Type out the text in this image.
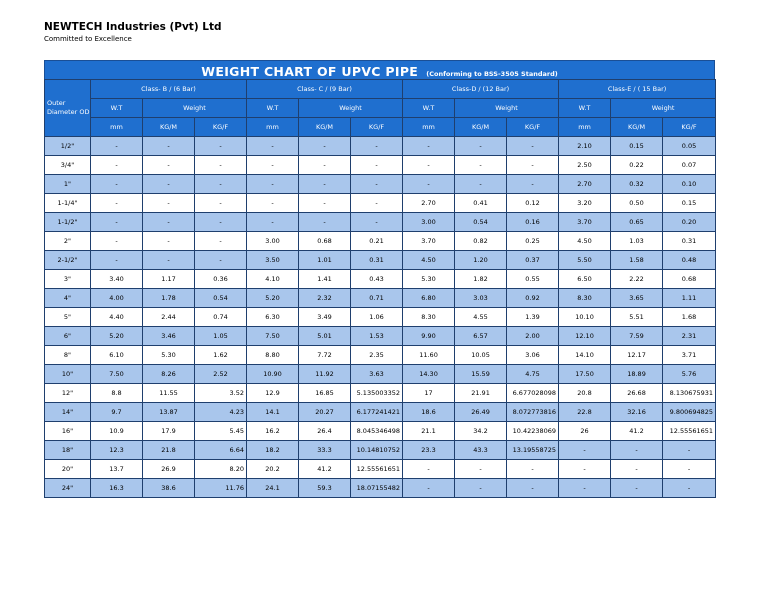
NEWTECH Industries (Pvt) Ltd
Committed to Excellence
WEIGHT CHART OF UPVC PIPE (Conforming to BSS-3505 Standard)
Outer Diameter OD	Class- B / (6 Bar)			Class- C / (9 Bar)			Class-D / (12 Bar)			Class-E / ( 15 Bar)		
	W.T	Weight		W.T	Weight		W.T	Weight		W.T	Weight	
	mm	KG/M	KG/F	mm	KG/M	KG/F	mm	KG/M	KG/F	mm	KG/M	KG/F
1/2"	-	-	-	-	-	-	-	-	-	2.10	0.15	0.05
3/4"	-	-	-	-	-	-	-	-	-	2.50	0.22	0.07
1"	-	-	-	-	-	-	-	-	-	2.70	0.32	0.10
1-1/4"	-	-	-	-	-	-	2.70	0.41	0.12	3.20	0.50	0.15
1-1/2"	-	-	-	-	-	-	3.00	0.54	0.16	3.70	0.65	0.20
2"	-	-	-	3.00	0.68	0.21	3.70	0.82	0.25	4.50	1.03	0.31
2-1/2"	-	-	-	3.50	1.01	0.31	4.50	1.20	0.37	5.50	1.58	0.48
3"	3.40	1.17	0.36	4.10	1.41	0.43	5.30	1.82	0.55	6.50	2.22	0.68
4"	4.00	1.78	0.54	5.20	2.32	0.71	6.80	3.03	0.92	8.30	3.65	1.11
5"	4.40	2.44	0.74	6.30	3.49	1.06	8.30	4.55	1.39	10.10	5.51	1.68
6"	5.20	3.46	1.05	7.50	5.01	1.53	9.90	6.57	2.00	12.10	7.59	2.31
8"	6.10	5.30	1.62	8.80	7.72	2.35	11.60	10.05	3.06	14.10	12.17	3.71
10"	7.50	8.26	2.52	10.90	11.92	3.63	14.30	15.59	4.75	17.50	18.89	5.76
12"	8.8	11.55	3.52	12.9	16.85	5.135003352	17	21.91	6.677028098	20.8	26.68	8.130675931
14"	9.7	13.87	4.23	14.1	20.27	6.177241421	18.6	26.49	8.072773816	22.8	32.16	9.800694825
16"	10.9	17.9	5.45	16.2	26.4	8.045346498	21.1	34.2	10.42238069	26	41.2	12.55561651
18"	12.3	21.8	6.64	18.2	33.3	10.14810752	23.3	43.3	13.19558725	-	-	-
20"	13.7	26.9	8.20	20.2	41.2	12.55561651	-	-	-	-	-	-
24"	16.3	38.6	11.76	24.1	59.3	18.07155482	-	-	-	-	-	-
